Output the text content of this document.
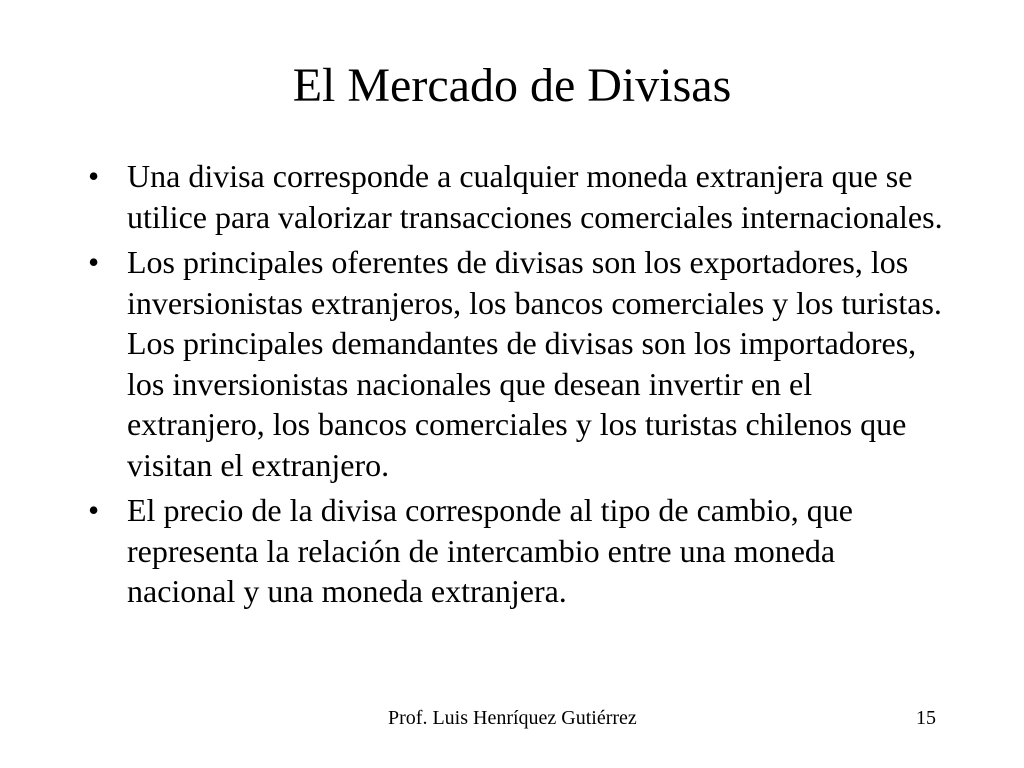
El Mercado de Divisas
• Una divisa corresponde a cualquier moneda extranjera que se utilice para valorizar transacciones comerciales internacionales.
• Los principales oferentes de divisas son los exportadores, los inversionistas extranjeros, los bancos comerciales y los turistas. Los principales demandantes de divisas son los importadores, los inversionistas nacionales que desean invertir en el extranjero, los bancos comerciales y los turistas chilenos que visitan el extranjero.
• El precio de la divisa corresponde al tipo de cambio, que representa la relación de intercambio entre una moneda nacional y una moneda extranjera.
Prof. Luis Henríquez Gutiérrez	15
